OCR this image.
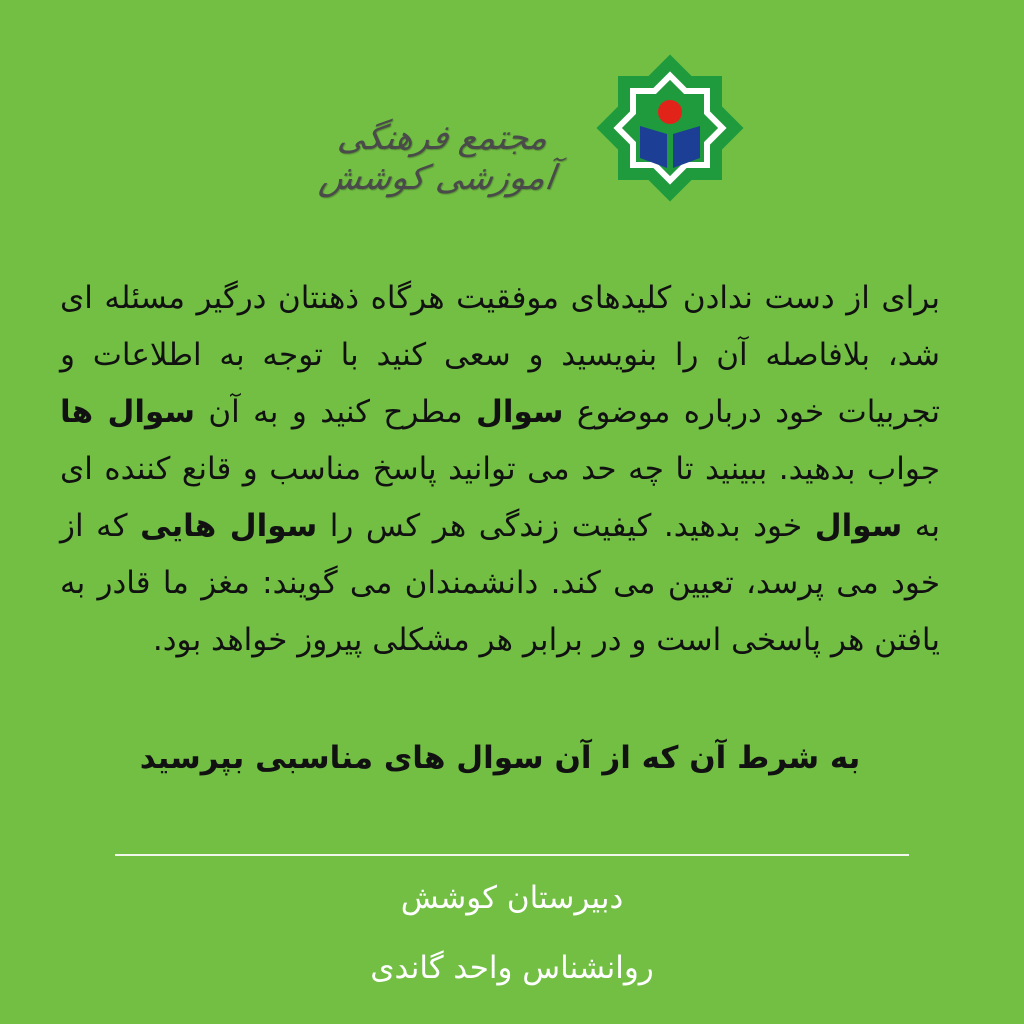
مجتمع فرهنگی آموزشی کوشش
برای از دست ندادن کلیدهای موفقیت هرگاه ذهنتان درگیر مسئله ای شد، بلافاصله آن را بنویسید و سعی کنید با توجه به اطلاعات و تجربیات خود درباره موضوع سوال مطرح کنید و به آن سوال ها جواب بدهید. ببینید تا چه حد می توانید پاسخ مناسب و قانع کننده ای به سوال خود بدهید. کیفیت زندگی هر کس را سوال هایی که از خود می پرسد، تعیین می کند. دانشمندان می گویند: مغز ما قادر به یافتن هر پاسخی است و در برابر هر مشکلی پیروز خواهد بود.
به شرط آن که از آن سوال های مناسبی بپرسید
دبیرستان کوشش
روانشناس واحد گاندی
